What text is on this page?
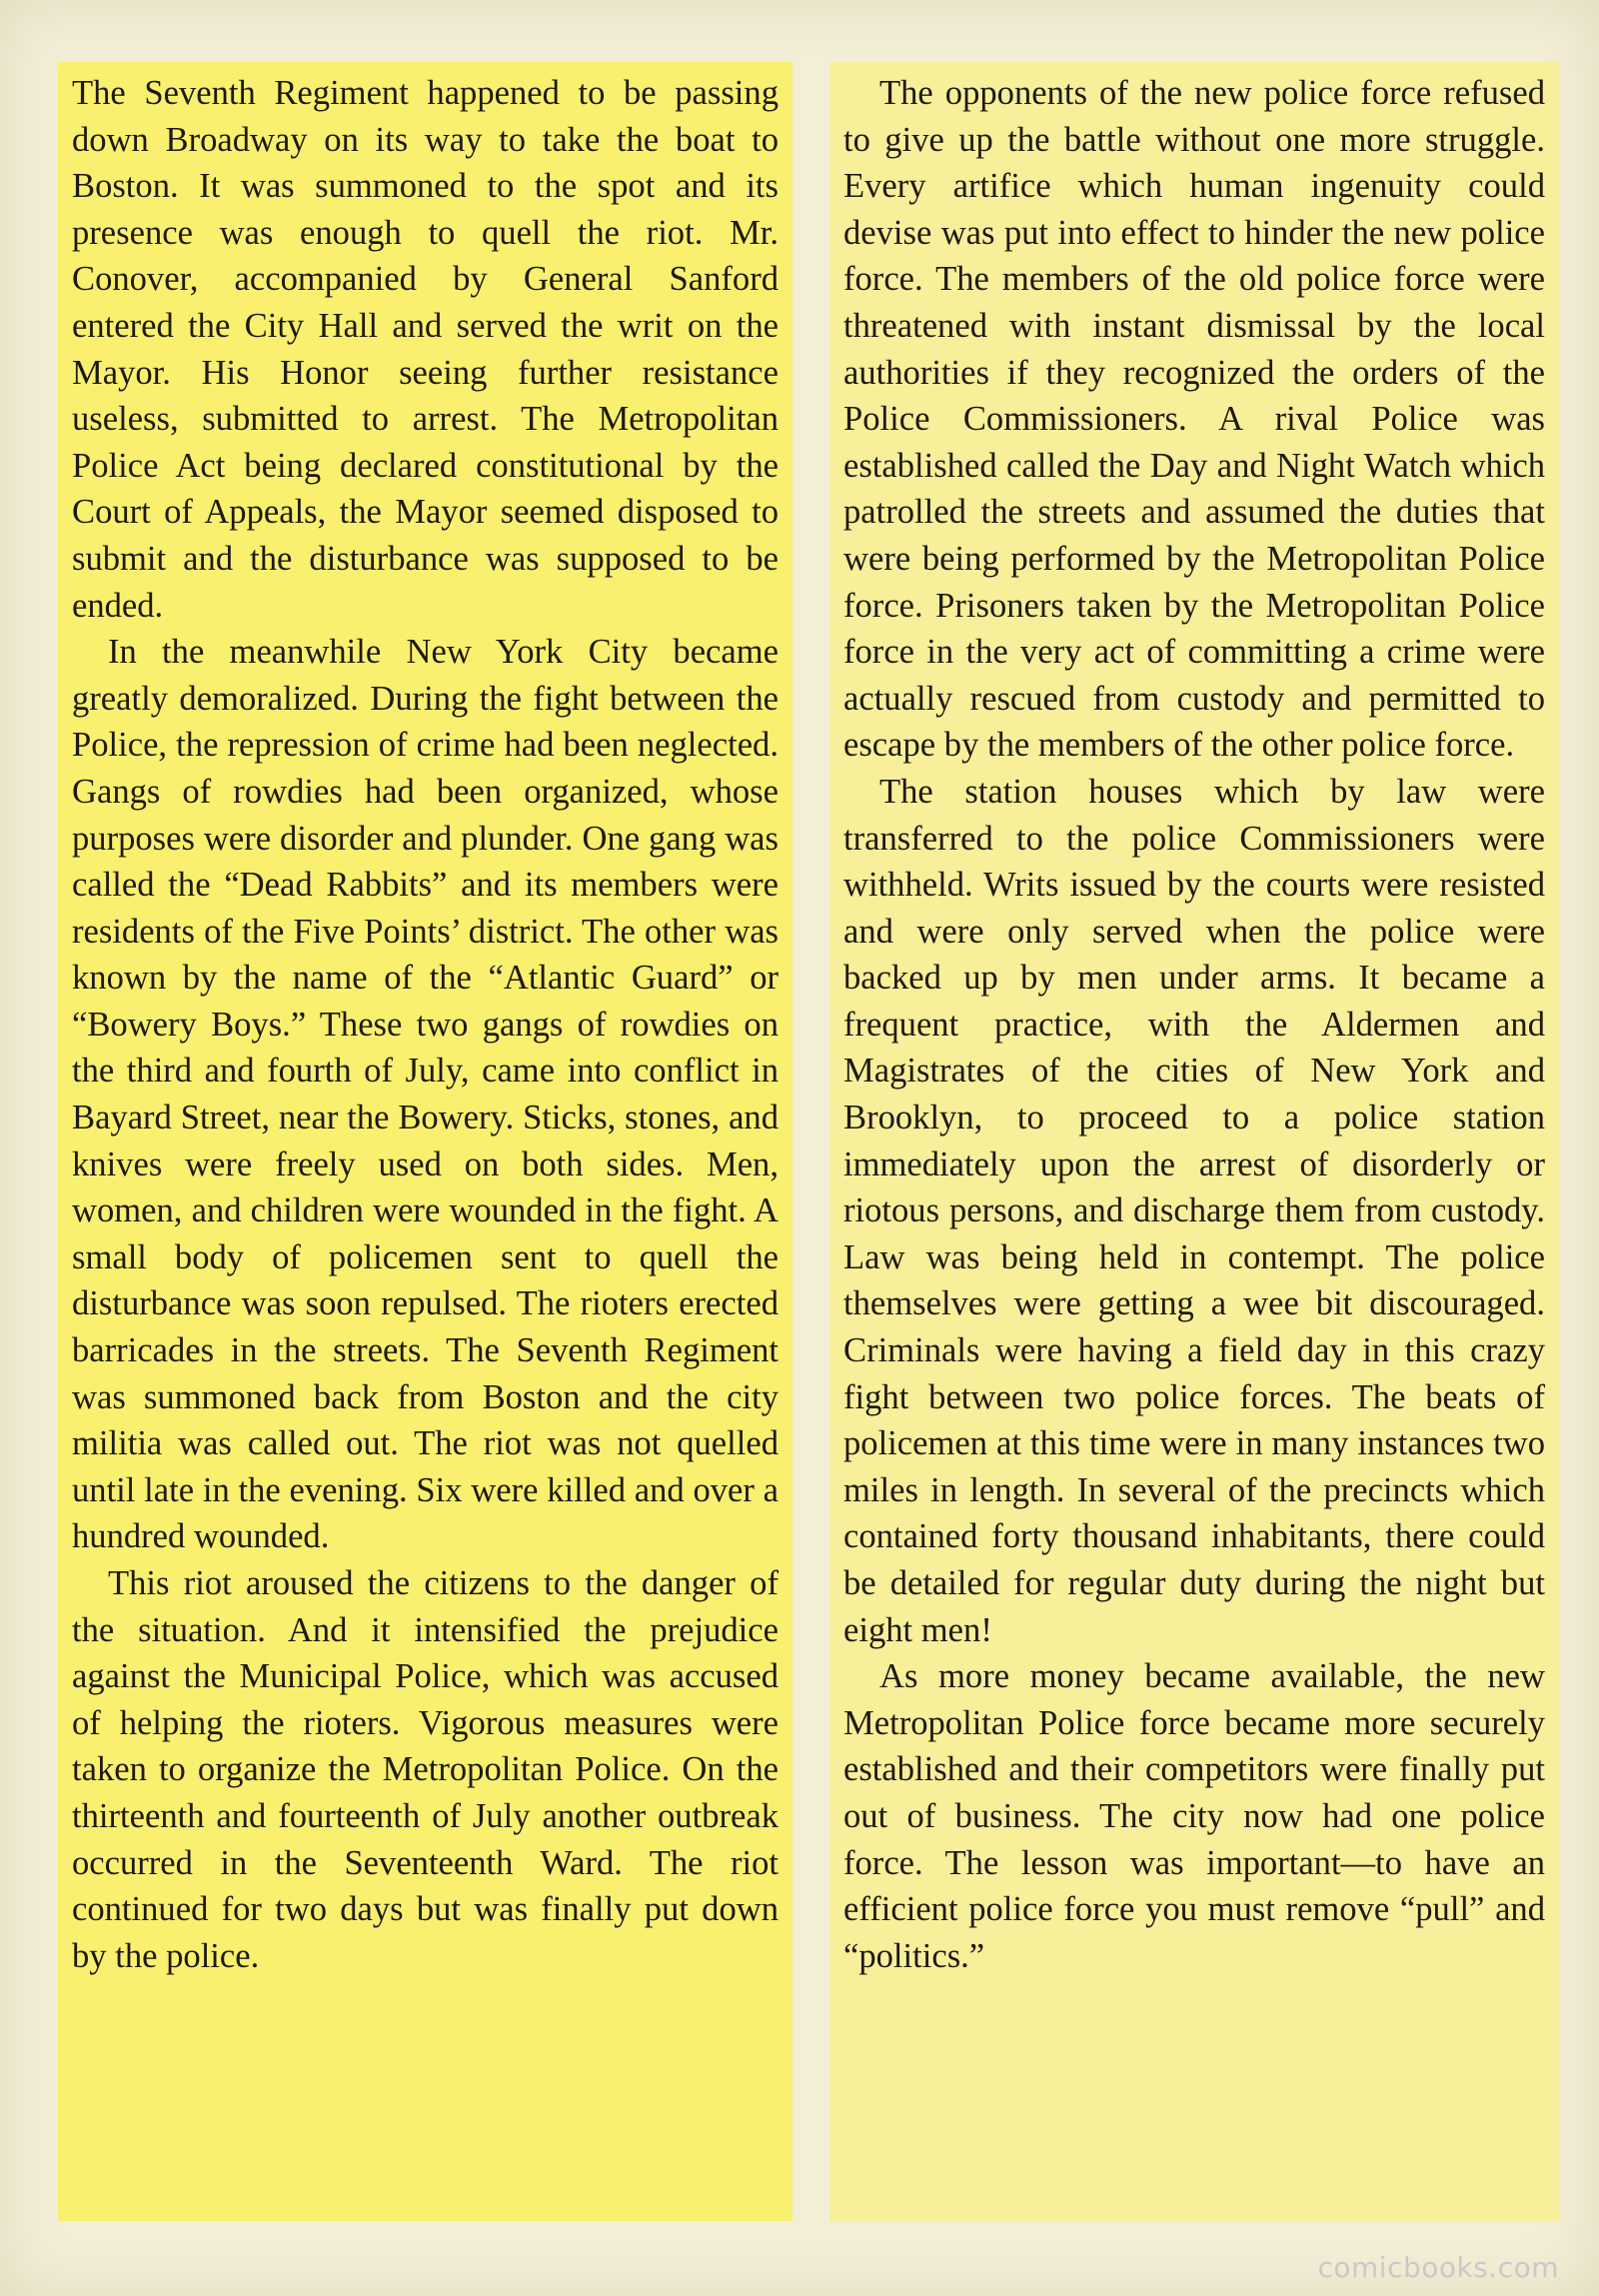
The Seventh Regiment happened to be passing down Broadway on its way to take the boat to Boston. It was summoned to the spot and its presence was enough to quell the riot. Mr. Conover, accompanied by General Sanford entered the City Hall and served the writ on the Mayor. His Honor seeing further resistance useless, submitted to arrest. The Metropolitan Police Act being declared constitutional by the Court of Appeals, the Mayor seemed disposed to submit and the disturbance was supposed to be ended.

In the meanwhile New York City became greatly demoralized. During the fight between the Police, the repression of crime had been neglected. Gangs of rowdies had been organized, whose purposes were disorder and plunder. One gang was called the “Dead Rabbits” and its members were residents of the Five Points’ district. The other was known by the name of the “Atlantic Guard” or “Bowery Boys.” These two gangs of rowdies on the third and fourth of July, came into conflict in Bayard Street, near the Bowery. Sticks, stones, and knives were freely used on both sides. Men, women, and children were wounded in the fight. A small body of policemen sent to quell the disturbance was soon repulsed. The rioters erected barricades in the streets. The Seventh Regiment was summoned back from Boston and the city militia was called out. The riot was not quelled until late in the evening. Six were killed and over a hundred wounded.

This riot aroused the citizens to the danger of the situation. And it intensified the prejudice against the Municipal Police, which was accused of helping the rioters. Vigorous measures were taken to organize the Metropolitan Police. On the thirteenth and fourteenth of July another outbreak occurred in the Seventeenth Ward. The riot continued for two days but was finally put down by the police.

The opponents of the new police force refused to give up the battle without one more struggle. Every artifice which human ingenuity could devise was put into effect to hinder the new police force. The members of the old police force were threatened with instant dismissal by the local authorities if they recognized the orders of the Police Commissioners. A rival Police was established called the Day and Night Watch which patrolled the streets and assumed the duties that were being performed by the Metropolitan Police force. Prisoners taken by the Metropolitan Police force in the very act of committing a crime were actually rescued from custody and permitted to escape by the members of the other police force.

The station houses which by law were transferred to the police Commissioners were withheld. Writs issued by the courts were resisted and were only served when the police were backed up by men under arms. It became a frequent practice, with the Aldermen and Magistrates of the cities of New York and Brooklyn, to proceed to a police station immediately upon the arrest of disorderly or riotous persons, and discharge them from custody. Law was being held in contempt. The police themselves were getting a wee bit discouraged. Criminals were having a field day in this crazy fight between two police forces. The beats of policemen at this time were in many instances two miles in length. In several of the precincts which contained forty thousand inhabitants, there could be detailed for regular duty during the night but eight men!

As more money became available, the new Metropolitan Police force became more securely established and their competitors were finally put out of business. The city now had one police force. The lesson was important—to have an efficient police force you must remove “pull” and “politics.”

comicbooks.com
